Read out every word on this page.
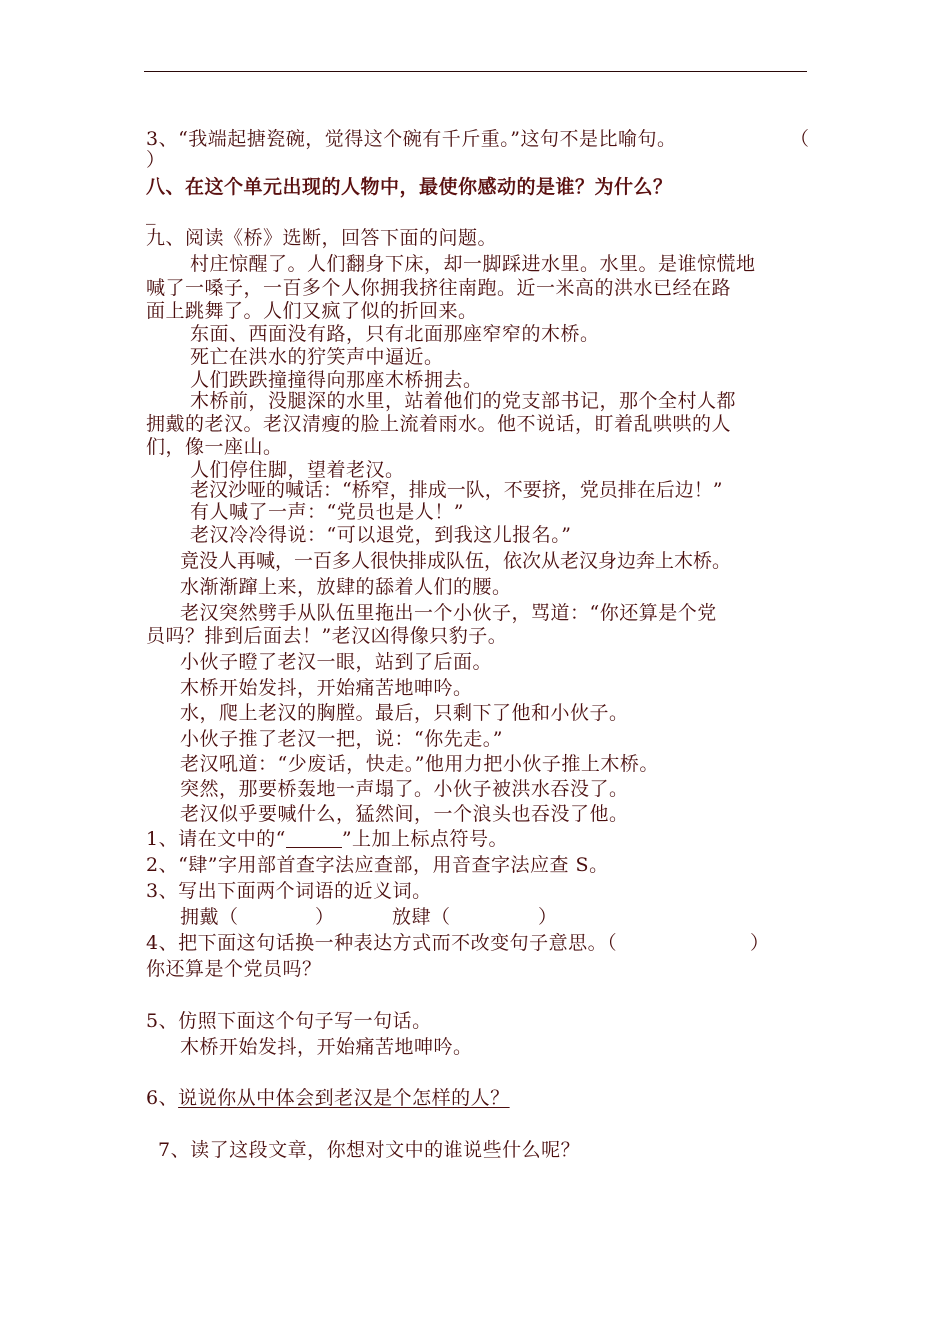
3、“我端起搪瓷碗，觉得这个碗有千斤重。”这句不是比喻句。	（
）
八、在这个单元出现的人物中，最使你感动的是谁？为什么？
_
九、阅读《桥》选断，回答下面的问题。
村庄惊醒了。人们翻身下床，却一脚踩进水里。水里。是谁惊慌地
喊了一嗓子，一百多个人你拥我挤往南跑。近一米高的洪水已经在路
面上跳舞了。人们又疯了似的折回来。
东面、西面没有路，只有北面那座窄窄的木桥。
死亡在洪水的狞笑声中逼近。
人们跌跌撞撞得向那座木桥拥去。
木桥前，没腿深的水里，站着他们的党支部书记，那个全村人都
拥戴的老汉。老汉清瘦的脸上流着雨水。他不说话，盯着乱哄哄的人
们，像一座山。
人们停住脚，望着老汉。
老汉沙哑的喊话：“桥窄，排成一队，不要挤，党员排在后边！”
有人喊了一声：“党员也是人！”
老汉冷冷得说：“可以退党，到我这儿报名。”
竟没人再喊，一百多人很快排成队伍，依次从老汉身边奔上木桥。
水渐渐蹿上来，放肆的舔着人们的腰。
老汉突然劈手从队伍里拖出一个小伙子，骂道：“你还算是个党
员吗？排到后面去！”老汉凶得像只豹子。
小伙子瞪了老汉一眼，站到了后面。
木桥开始发抖，开始痛苦地呻吟。
水，爬上老汉的胸膛。最后，只剩下了他和小伙子。
小伙子推了老汉一把，说：“你先走。”
老汉吼道：“少废话，快走。”他用力把小伙子推上木桥。
突然，那要桥轰地一声塌了。小伙子被洪水吞没了。
老汉似乎要喊什么，猛然间，一个浪头也吞没了他。
1、请在文中的“	”上加上标点符号。
2、“肆”字用部首查字法应查部，用音查字法应查 S。
3、写出下面两个词语的近义词。
拥戴（	）	放肆（	）
4、把下面这句话换一种表达方式而不改变句子意思。（	）
你还算是个党员吗？
5、仿照下面这个句子写一句话。
木桥开始发抖，开始痛苦地呻吟。
6、说说你从中体会到老汉是个怎样的人？
7、读了这段文章，你想对文中的谁说些什么呢？
